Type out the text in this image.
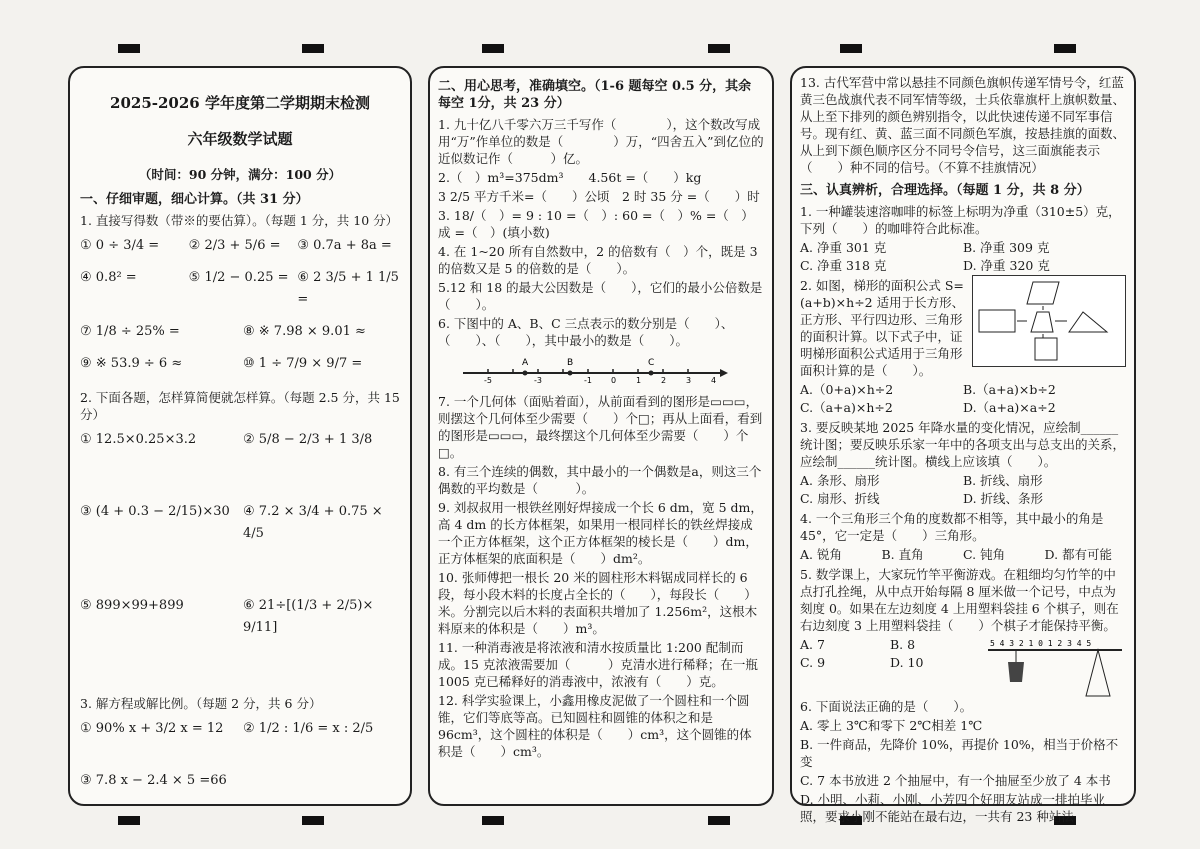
2025-2026 学年度第二学期期末检测

六年级数学试题

（时间：90 分钟，满分：100 分）

一、仔细审题，细心计算。（共 31 分）

1. 直接写得数（带※的要估算）。（每题 1 分，共 10 分）

① 0 ÷ 3/4 =	② 2/3 + 5/6 =	③ 0.7a + 8a =
④ 0.8² =	⑤ 1/2 − 0.25 = ⑥ 2 3/5 + 1 1/5 =
⑦ 1/8 ÷ 25% =	⑧ ※ 7.98 × 9.01 ≈
⑨ ※ 53.9 ÷ 6 ≈	⑩ 1 ÷ 7/9 × 9/7 =

2. 下面各题，怎样算简便就怎样算。（每题 2.5 分，共 15 分）

① 12.5×0.25×3.2	② 5/8 − 2/3 + 1 3/8
③ (4 + 0.3 − 2/15)×30	④ 7.2 × 3/4 + 0.75 × 4/5
⑤ 899×99+899	⑥ 21÷[(1/3 + 2/5)× 9/11]

3. 解方程或解比例。（每题 2 分，共 6 分）

① 90% x + 3/2 x = 12	② 1/2 : 1/6 = x : 2/5
③ 7.8 x − 2.4 × 5 =66

二、用心思考，准确填空。（1-6 题每空 0.5 分，其余每空 1分，共 23 分）

1. 九十亿八千零六万三千写作（　　　　），这个数改写成用“万”作单位的数是（　　　　）万，“四舍五入”到亿位的近似数记作（　　　）亿。

2.（　）m³=375dm³　　4.56t =（　　）kg

3 2/5 平方千米=（　　）公顷　2 时 35 分 =（　　）时

3. 18/（　）= 9 : 10 =（　）: 60 =（　）% =（　）成 =（　）(填小数)

4. 在 1~20 所有自然数中，2 的倍数有（　）个，既是 3 的倍数又是 5 的倍数的是（　　）。

5.12 和 18 的最大公因数是（　　），它们的最小公倍数是（　　）。

6. 下图中的 A、B、C 三点表示的数分别是（　　）、（　　）、（　　），其中最小的数是（　　）。

A	B	C
-5	-3	-1 0 1 2 3 4

7. 一个几何体（面贴着面），从前面看到的图形是▭▭▭，则摆这个几何体至少需要（　　）个□；再从上面看，看到的图形是▭▭▭，最终摆这个几何体至少需要（　　）个□。

8. 有三个连续的偶数，其中最小的一个偶数是a，则这三个偶数的平均数是（　　　）。

9. 刘叔叔用一根铁丝刚好焊接成一个长 6 dm，宽 5 dm，高 4 dm 的长方体框架，如果用一根同样长的铁丝焊接成一个正方体框架，这个正方体框架的棱长是（　　）dm，正方体框架的底面积是（　　）dm²。

10. 张师傅把一根长 20 米的圆柱形木料锯成同样长的 6 段，每小段木料的长度占全长的（　　），每段长（　　）米。分割完以后木料的表面积共增加了 1.256m²，这根木料原来的体积是（　　）m³。

11. 一种消毒液是将浓液和清水按质量比 1:200 配制而成。15 克浓液需要加（　　　）克清水进行稀释；在一瓶 1005 克已稀释好的消毒液中，浓液有（　　）克。

12. 科学实验课上，小鑫用橡皮泥做了一个圆柱和一个圆锥，它们等底等高。已知圆柱和圆锥的体积之和是 96cm³，这个圆柱的体积是（　　）cm³，这个圆锥的体积是（　　）cm³。

13. 古代军营中常以悬挂不同颜色旗帜传递军情号令，红蓝黄三色战旗代表不同军情等级，士兵依靠旗杆上旗帜数量、从上至下排列的颜色辨别指令，以此快速传递不同军事信号。现有红、黄、蓝三面不同颜色军旗，按悬挂旗的面数、从上到下颜色顺序区分不同号令信号，这三面旗能表示（　　）种不同的信号。（不算不挂旗情况）

三、认真辨析，合理选择。（每题 1 分，共 8 分）

1. 一种罐装速溶咖啡的标签上标明为净重（310±5）克，下列（　　）的咖啡符合此标准。

A. 净重 301 克	B. 净重 309 克
C. 净重 318 克	D. 净重 320 克

2. 如图，梯形的面积公式 S=(a+b)×h÷2 适用于长方形、正方形、平行四边形、三角形的面积计算。以下式子中，证明梯形面积公式适用于三角形面积计算的是（　　）。

A.（0+a)×h÷2	B.（a+a)×b÷2
C.（a+a)×h÷2	D.（a+a)×a÷2

3. 要反映某地 2025 年降水量的变化情况，应绘制______统计图；要反映乐乐家一年中的各项支出与总支出的关系，应绘制______统计图。横线上应该填（　　）。

A. 条形、扇形	B. 折线、扇形
C. 扇形、折线	D. 折线、条形

4. 一个三角形三个角的度数都不相等，其中最小的角是 45°，它一定是（　　）三角形。

A. 锐角	B. 直角	C. 钝角	D. 都有可能

5. 数学课上，大家玩竹竿平衡游戏。在粗细均匀竹竿的中点打孔拴绳，从中点开始每隔 8 厘米做一个记号，中点为刻度 0。如果在左边刻度 4 上用塑料袋挂 6 个棋子，则在右边刻度 3 上用塑料袋挂（　　）个棋子才能保持平衡。

5 4 3 2 1 0 1 2 3 4 5
A. 7	B. 8
C. 9	D. 10

6. 下面说法正确的是（　　）。

A. 零上 3℃和零下 2℃相差 1℃

B. 一件商品，先降价 10%，再提价 10%，相当于价格不变

C. 7 本书放进 2 个抽屉中，有一个抽屉至少放了 4 本书

D. 小明、小莉、小刚、小芳四个好朋友站成一排拍毕业照，要求小刚不能站在最右边，一共有 23 种站法
